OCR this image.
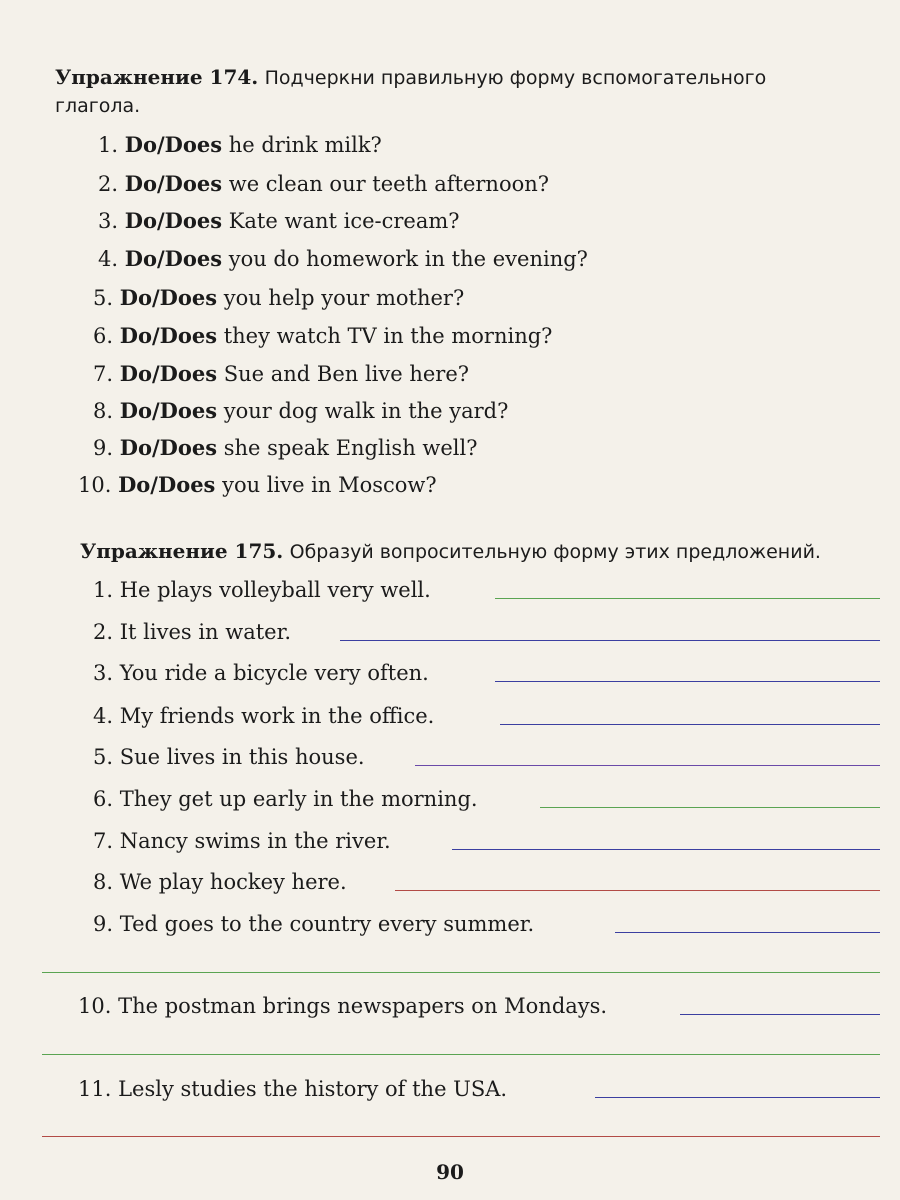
Упражнение 174. Подчеркни правильную форму вспомогательного
глагола.
1. Do/Does he drink milk?
2. Do/Does we clean our teeth afternoon?
3. Do/Does Kate want ice-cream?
4. Do/Does you do homework in the evening?
5. Do/Does you help your mother?
6. Do/Does they watch TV in the morning?
7. Do/Does Sue and Ben live here?
8. Do/Does your dog walk in the yard?
9. Do/Does she speak English well?
10. Do/Does you live in Moscow?
Упражнение 175. Образуй вопросительную форму этих предложений.
1. He plays volleyball very well.
2. It lives in water.
3. You ride a bicycle very often.
4. My friends work in the office.
5. Sue lives in this house.
6. They get up early in the morning.
7. Nancy swims in the river.
8. We play hockey here.
9. Ted goes to the country every summer.
10. The postman brings newspapers on Mondays.
11. Lesly studies the history of the USA.
90
